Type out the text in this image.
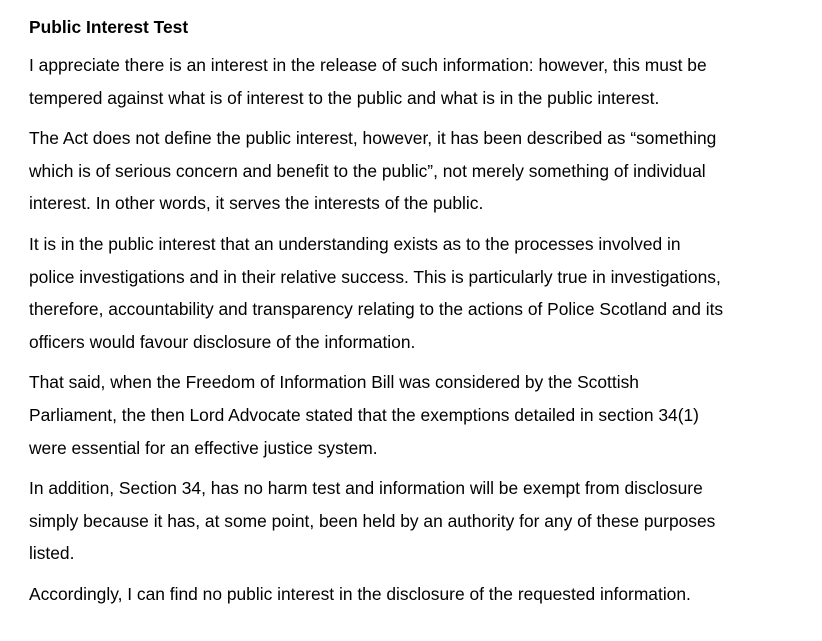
Public Interest Test

I appreciate there is an interest in the release of such information: however, this must be
tempered against what is of interest to the public and what is in the public interest.

The Act does not define the public interest, however, it has been described as “something
which is of serious concern and benefit to the public”, not merely something of individual
interest. In other words, it serves the interests of the public.

It is in the public interest that an understanding exists as to the processes involved in
police investigations and in their relative success. This is particularly true in investigations,
therefore, accountability and transparency relating to the actions of Police Scotland and its
officers would favour disclosure of the information.

That said, when the Freedom of Information Bill was considered by the Scottish
Parliament, the then Lord Advocate stated that the exemptions detailed in section 34(1)
were essential for an effective justice system.

In addition, Section 34, has no harm test and information will be exempt from disclosure
simply because it has, at some point, been held by an authority for any of these purposes
listed.

Accordingly, I can find no public interest in the disclosure of the requested information.
